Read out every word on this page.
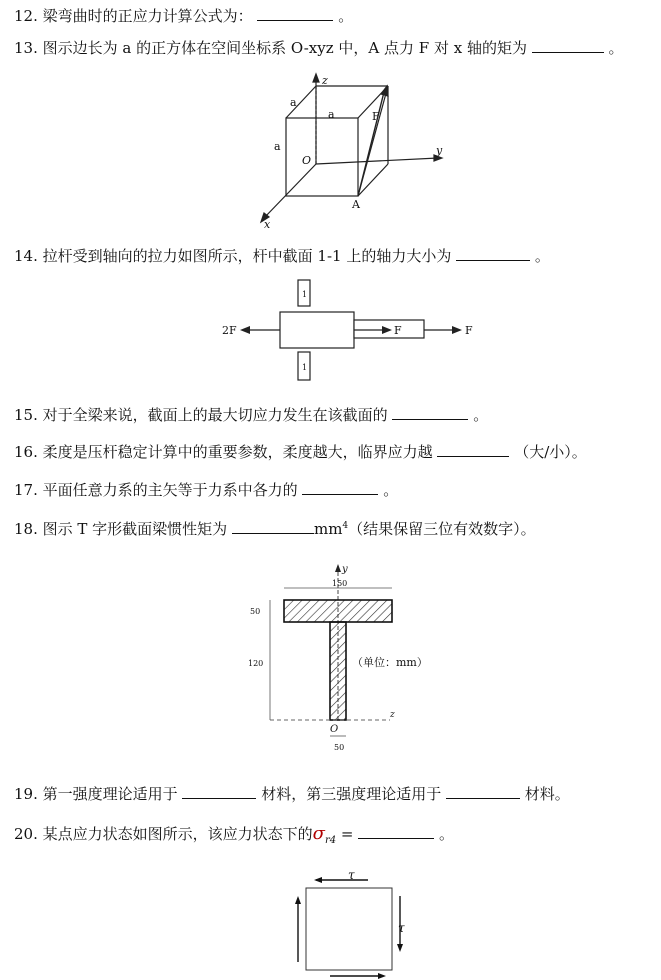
12. 梁弯曲时的正应力计算公式为：	。
13. 图示边长为 a 的正方体在空间坐标系 O-xyz 中，A 点力 F 对 x 轴的矩为	。
z
y
x
O
A
F
a
a
a
14. 拉杆受到轴向的拉力如图所示，杆中截面 1-1 上的轴力大小为	。
2F	F	F
1
1
15. 对于全梁来说，截面上的最大切应力发生在该截面的	。
16. 柔度是压杆稳定计算中的重要参数，柔度越大，临界应力越	（大/小）。
17. 平面任意力系的主矢等于力系中各力的	。
18. 图示 T 字形截面梁惯性矩为	$mm^4$（结果保留三位有效数字）。
150
50
120
50
y
z
O
（单位：mm）
19. 第一强度理论适用于	材料，第三强度理论适用于	材料。
20. 某点应力状态如图所示，该应力状态下的$\sigma_{r4}$ =	。
τ
τ
